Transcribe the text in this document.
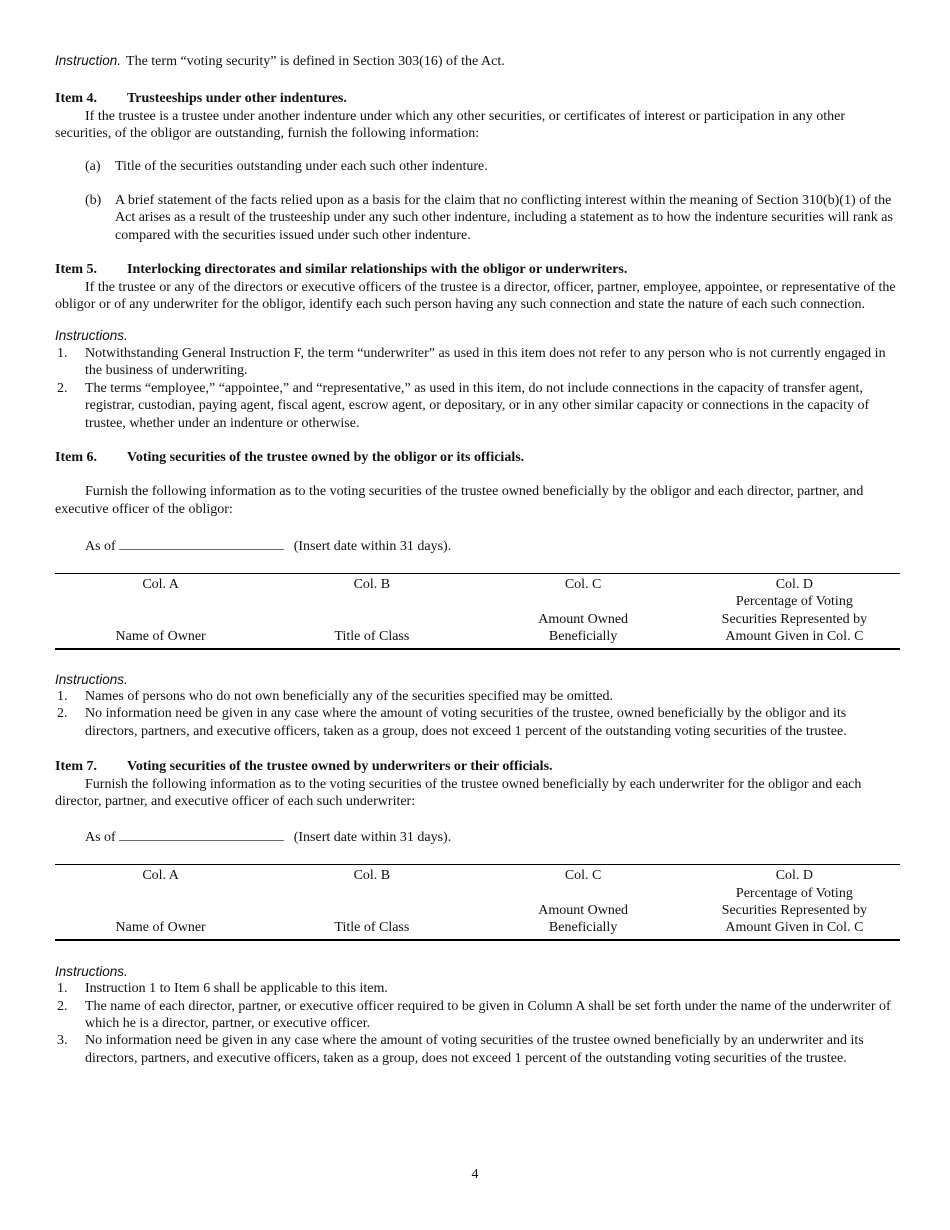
Instruction. The term “voting security” is defined in Section 303(16) of the Act.

Item 4. Trusteeships under other indentures.

If the trustee is a trustee under another indenture under which any other securities, or certificates of interest or participation in any other securities, of the obligor are outstanding, furnish the following information:

(a) Title of the securities outstanding under each such other indenture.
(b) A brief statement of the facts relied upon as a basis for the claim that no conflicting interest within the meaning of Section 310(b)(1) of the Act arises as a result of the trusteeship under any such other indenture, including a statement as to how the indenture securities will rank as compared with the securities issued under such other indenture.
Item 5. Interlocking directorates and similar relationships with the obligor or underwriters.

If the trustee or any of the directors or executive officers of the trustee is a director, officer, partner, employee, appointee, or representative of the obligor or of any underwriter for the obligor, identify each such person having any such connection and state the nature of each such connection.

Instructions.
1. Notwithstanding General Instruction F, the term “underwriter” as used in this item does not refer to any person who is not currently engaged in the business of underwriting.
2. The terms “employee,” “appointee,” and “representative,” as used in this item, do not include connections in the capacity of transfer agent, registrar, custodian, paying agent, fiscal agent, escrow agent, or depositary, or in any other similar capacity or connections in the capacity of trustee, whether under an indenture or otherwise.
Item 6. Voting securities of the trustee owned by the obligor or its officials.

Furnish the following information as to the voting securities of the trustee owned beneficially by the obligor and each director, partner, and executive officer of the obligor:

As of	(Insert date within 31 days).
Col. A
Name of Owner
Col. B
Title of Class
Col. C
Amount Owned
Beneficially
Col. D
Percentage of Voting
Securities Represented by
Amount Given in Col. C
Instructions.
1. Names of persons who do not own beneficially any of the securities specified may be omitted.
2. No information need be given in any case where the amount of voting securities of the trustee, owned beneficially by the obligor and its directors, partners, and executive officers, taken as a group, does not exceed 1 percent of the outstanding voting securities of the trustee.
Item 7. Voting securities of the trustee owned by underwriters or their officials.

Furnish the following information as to the voting securities of the trustee owned beneficially by each underwriter for the obligor and each director, partner, and executive officer of each such underwriter:

As of	(Insert date within 31 days).
Col. A
Name of Owner
Col. B
Title of Class
Col. C
Amount Owned
Beneficially
Col. D
Percentage of Voting
Securities Represented by
Amount Given in Col. C
Instructions.
1. Instruction 1 to Item 6 shall be applicable to this item.
2. The name of each director, partner, or executive officer required to be given in Column A shall be set forth under the name of the underwriter of which he is a director, partner, or executive officer.
3. No information need be given in any case where the amount of voting securities of the trustee owned beneficially by an underwriter and its directors, partners, and executive officers, taken as a group, does not exceed 1 percent of the outstanding voting securities of the trustee.
4
